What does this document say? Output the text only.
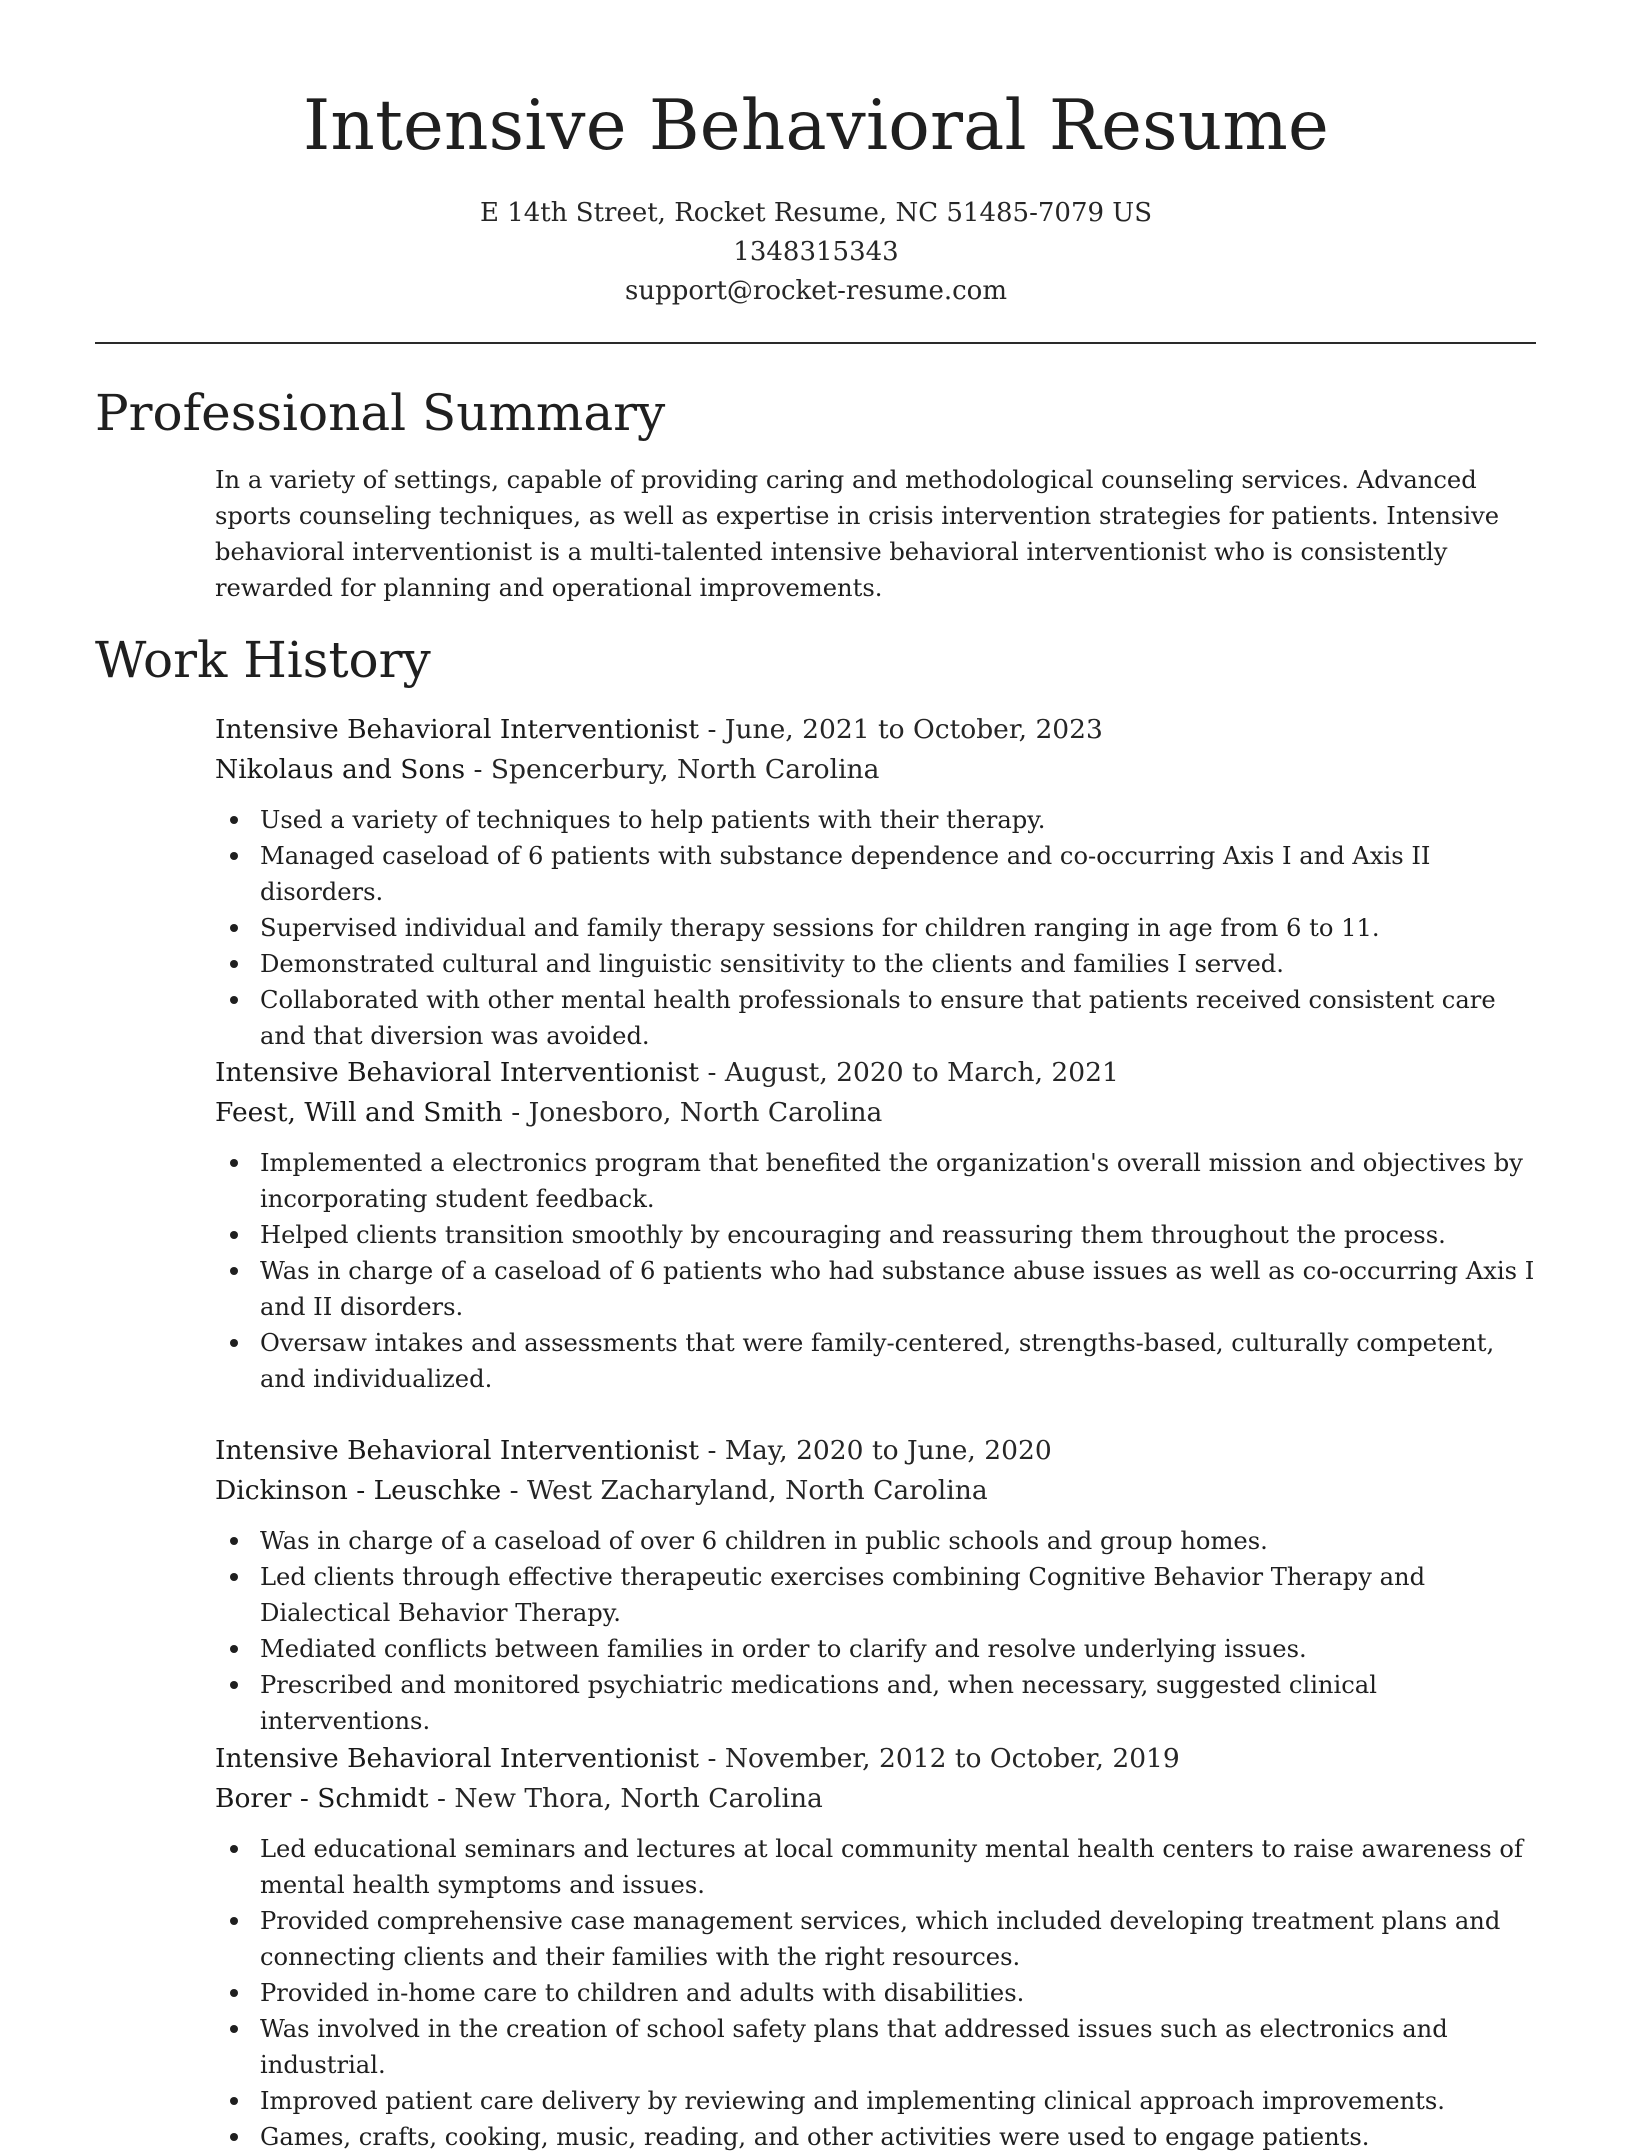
Intensive Behavioral Resume
E 14th Street, Rocket Resume, NC 51485-7079 US
1348315343
support@rocket-resume.com
Professional Summary

In a variety of settings, capable of providing caring and methodological counseling services. Advanced sports counseling techniques, as well as expertise in crisis intervention strategies for patients. Intensive behavioral interventionist is a multi-talented intensive behavioral interventionist who is consistently rewarded for planning and operational improvements.

Work History
Intensive Behavioral Interventionist - June, 2021 to October, 2023
Nikolaus and Sons - Spencerbury, North Carolina
Used a variety of techniques to help patients with their therapy.
Managed caseload of 6 patients with substance dependence and co-occurring Axis I and Axis II disorders.
Supervised individual and family therapy sessions for children ranging in age from 6 to 11.
Demonstrated cultural and linguistic sensitivity to the clients and families I served.
Collaborated with other mental health professionals to ensure that patients received consistent care and that diversion was avoided.
Intensive Behavioral Interventionist - August, 2020 to March, 2021
Feest, Will and Smith - Jonesboro, North Carolina
Implemented a electronics program that benefited the organization's overall mission and objectives by incorporating student feedback.
Helped clients transition smoothly by encouraging and reassuring them throughout the process.
Was in charge of a caseload of 6 patients who had substance abuse issues as well as co-occurring Axis I and II disorders.
Oversaw intakes and assessments that were family-centered, strengths-based, culturally competent, and individualized.
Intensive Behavioral Interventionist - May, 2020 to June, 2020
Dickinson - Leuschke - West Zacharyland, North Carolina
Was in charge of a caseload of over 6 children in public schools and group homes.
Led clients through effective therapeutic exercises combining Cognitive Behavior Therapy and Dialectical Behavior Therapy.
Mediated conflicts between families in order to clarify and resolve underlying issues.
Prescribed and monitored psychiatric medications and, when necessary, suggested clinical interventions.
Intensive Behavioral Interventionist - November, 2012 to October, 2019
Borer - Schmidt - New Thora, North Carolina
Led educational seminars and lectures at local community mental health centers to raise awareness of mental health symptoms and issues.
Provided comprehensive case management services, which included developing treatment plans and connecting clients and their families with the right resources.
Provided in-home care to children and adults with disabilities.
Was involved in the creation of school safety plans that addressed issues such as electronics and industrial.
Improved patient care delivery by reviewing and implementing clinical approach improvements.
Games, crafts, cooking, music, reading, and other activities were used to engage patients.
